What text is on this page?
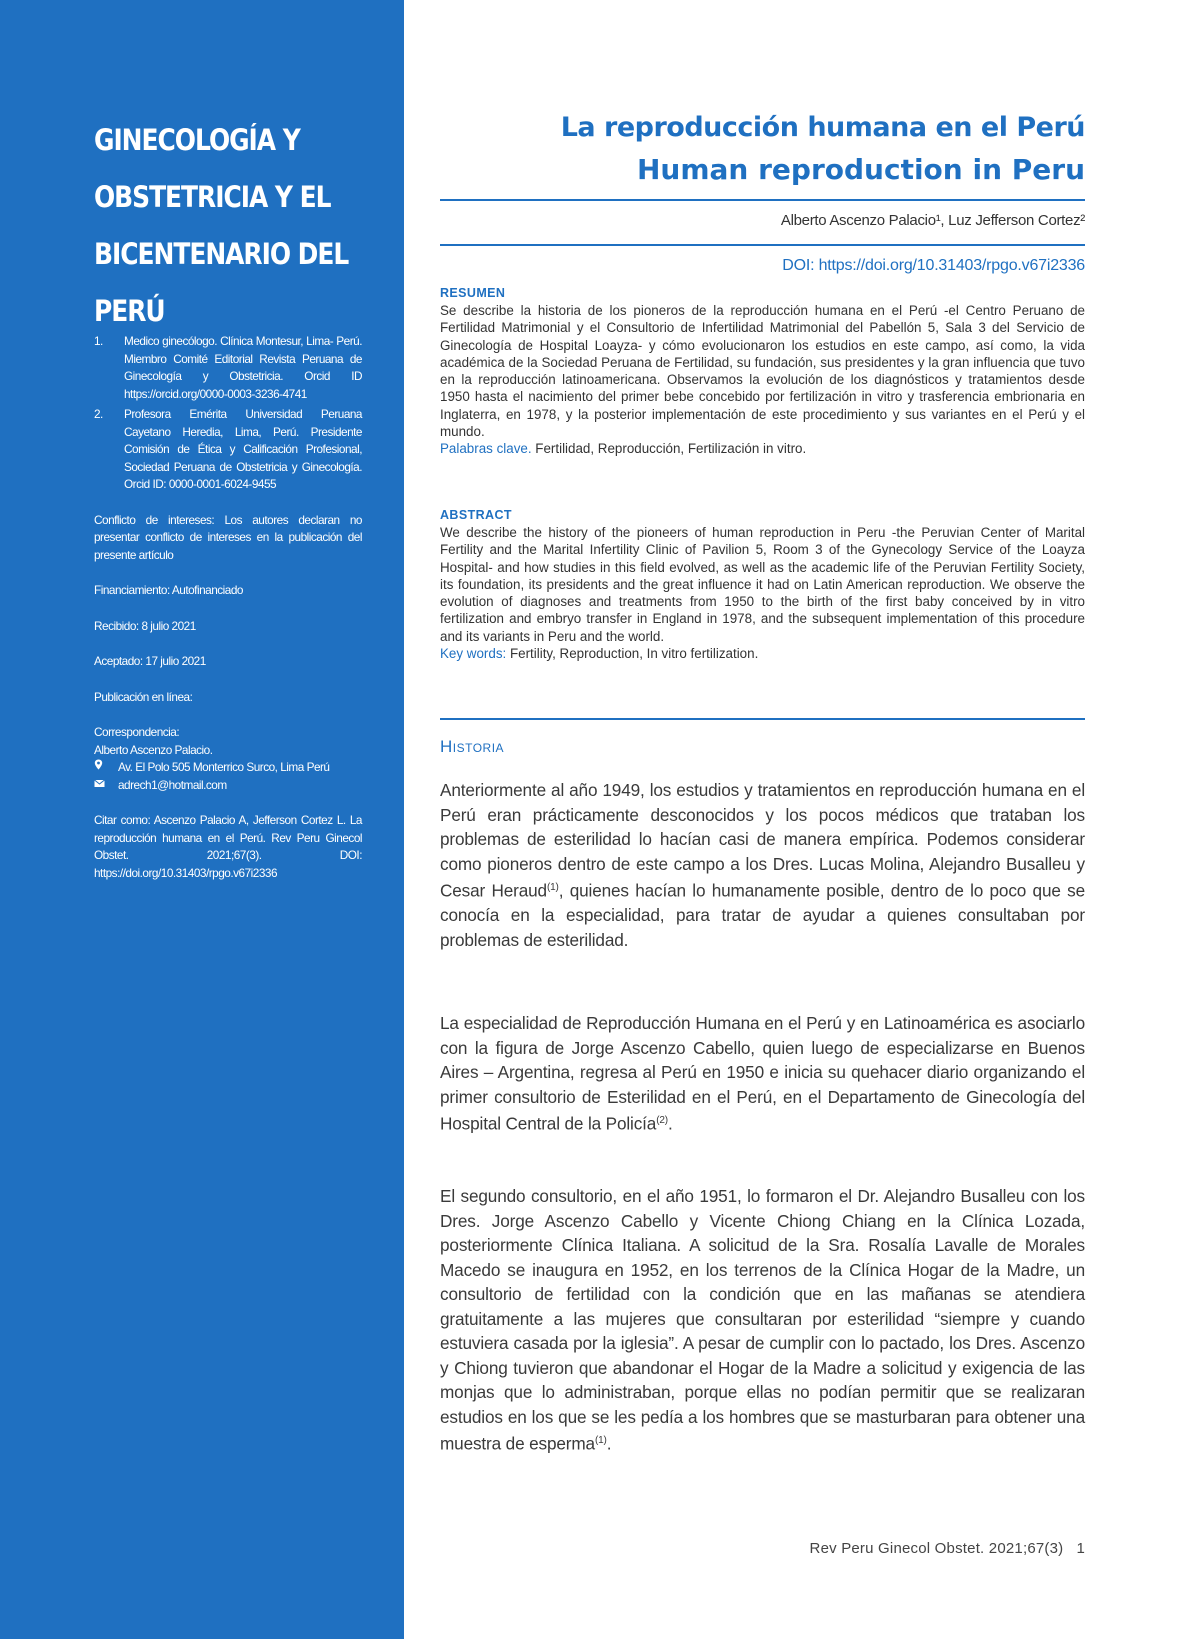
GINECOLOGÍA Y OBSTETRICIA Y EL BICENTENARIO DEL PERÚ
1.	Medico ginecólogo. Clínica Montesur, Lima- Perú. Miembro Comité Editorial Revista Peruana de Ginecología y Obstetricia. Orcid ID https://orcid.org/0000-0003-3236-4741
2.	Profesora Emérita Universidad Peruana Cayetano Heredia, Lima, Perú. Presidente Comisión de Ética y Calificación Profesional, Sociedad Peruana de Obstetricia y Ginecología. Orcid ID: 0000-0001-6024-9455
Conflicto de intereses: Los autores declaran no presentar conflicto de intereses en la publicación del presente artículo
Financiamiento: Autofinanciado
Recibido: 8 julio 2021
Aceptado: 17 julio 2021
Publicación en línea:
Correspondencia:
Alberto Ascenzo Palacio.
Av. El Polo 505 Monterrico Surco, Lima Perú
adrech1@hotmail.com
Citar como: Ascenzo Palacio A, Jefferson Cortez L. La reproducción humana en el Perú. Rev Peru Ginecol Obstet. 2021;67(3). DOI: https://doi.org/10.31403/rpgo.v67i2336
La reproducción humana en el Perú
Human reproduction in Peru
Alberto Ascenzo Palacio¹, Luz Jefferson Cortez²
DOI: https://doi.org/10.31403/rpgo.v67i2336
RESUMEN
Se describe la historia de los pioneros de la reproducción humana en el Perú -el Centro Peruano de Fertilidad Matrimonial y el Consultorio de Infertilidad Matrimonial del Pabellón 5, Sala 3 del Servicio de Ginecología de Hospital Loayza- y cómo evolucionaron los estudios en este campo, así como, la vida académica de la Sociedad Peruana de Fertilidad, su fundación, sus presidentes y la gran influencia que tuvo en la reproducción latinoamericana. Observamos la evolución de los diagnósticos y tratamientos desde 1950 hasta el nacimiento del primer bebe concebido por fertilización in vitro y trasferencia embrionaria en Inglaterra, en 1978, y la posterior implementación de este procedimiento y sus variantes en el Perú y el mundo.
Palabras clave. Fertilidad, Reproducción, Fertilización in vitro.
ABSTRACT
We describe the history of the pioneers of human reproduction in Peru -the Peruvian Center of Marital Fertility and the Marital Infertility Clinic of Pavilion 5, Room 3 of the Gynecology Service of the Loayza Hospital- and how studies in this field evolved, as well as the academic life of the Peruvian Fertility Society, its foundation, its presidents and the great influence it had on Latin American reproduction. We observe the evolution of diagnoses and treatments from 1950 to the birth of the first baby conceived by in vitro fertilization and embryo transfer in England in 1978, and the subsequent implementation of this procedure and its variants in Peru and the world.
Key words: Fertility, Reproduction, In vitro fertilization.
Historia

Anteriormente al año 1949, los estudios y tratamientos en reproducción humana en el Perú eran prácticamente desconocidos y los pocos médicos que trataban los problemas de esterilidad lo hacían casi de manera empírica. Podemos considerar como pioneros dentro de este campo a los Dres. Lucas Molina, Alejandro Busalleu y Cesar Heraud$^{(1)}$, quienes hacían lo humanamente posible, dentro de lo poco que se conocía en la especialidad, para tratar de ayudar a quienes consultaban por problemas de esterilidad.

La especialidad de Reproducción Humana en el Perú y en Latinoamérica es asociarlo con la figura de Jorge Ascenzo Cabello, quien luego de especializarse en Buenos Aires – Argentina, regresa al Perú en 1950 e inicia su quehacer diario organizando el primer consultorio de Esterilidad en el Perú, en el Departamento de Ginecología del Hospital Central de la Policía$^{(2)}$.

El segundo consultorio, en el año 1951, lo formaron el Dr. Alejandro Busalleu con los Dres. Jorge Ascenzo Cabello y Vicente Chiong Chiang en la Clínica Lozada, posteriormente Clínica Italiana. A solicitud de la Sra. Rosalía Lavalle de Morales Macedo se inaugura en 1952, en los terrenos de la Clínica Hogar de la Madre, un consultorio de fertilidad con la condición que en las mañanas se atendiera gratuitamente a las mujeres que consultaran por esterilidad “siempre y cuando estuviera casada por la iglesia”. A pesar de cumplir con lo pactado, los Dres. Ascenzo y Chiong tuvieron que abandonar el Hogar de la Madre a solicitud y exigencia de las monjas que lo administraban, porque ellas no podían permitir que se realizaran estudios en los que se les pedía a los hombres que se masturbaran para obtener una muestra de esperma$^{(1)}$.

Rev Peru Ginecol Obstet. 2021;67(3) 1
